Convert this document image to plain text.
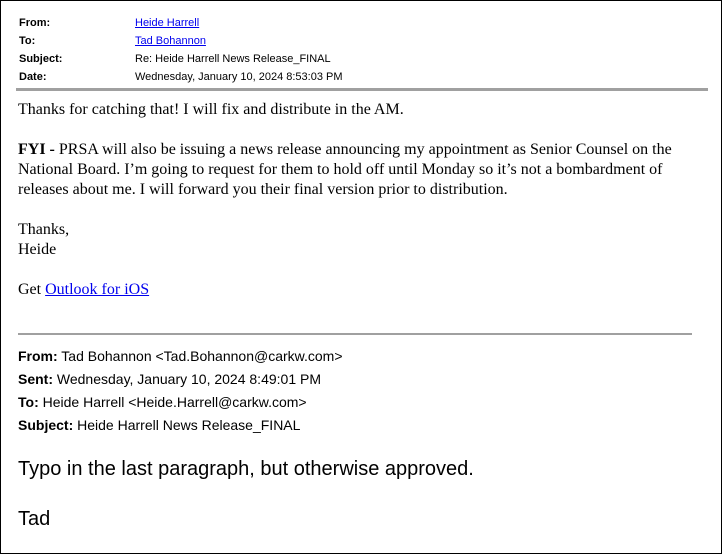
From:	Heide Harrell
To:	Tad Bohannon
Subject:	Re: Heide Harrell News Release_FINAL
Date:	Wednesday, January 10, 2024 8:53:03 PM

Thanks for catching that! I will fix and distribute in the AM.

FYI - PRSA will also be issuing a news release announcing my appointment as Senior Counsel on the National Board. I’m going to request for them to hold off until Monday so it’s not a bombardment of releases about me. I will forward you their final version prior to distribution.

Thanks,
Heide

Get Outlook for iOS

From: Tad Bohannon <Tad.Bohannon@carkw.com>
Sent: Wednesday, January 10, 2024 8:49:01 PM
To: Heide Harrell <Heide.Harrell@carkw.com>
Subject: Heide Harrell News Release_FINAL

Typo in the last paragraph, but otherwise approved.

Tad
